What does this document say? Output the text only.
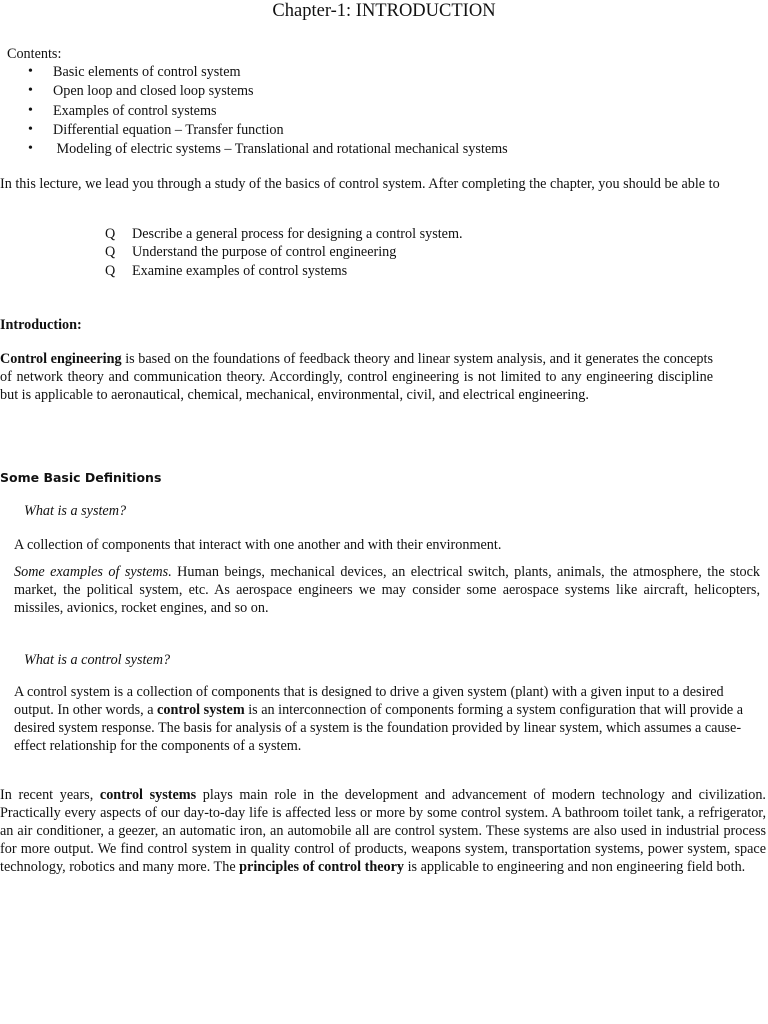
Chapter-1: INTRODUCTION
Contents:
• Basic elements of control system
• Open loop and closed loop systems
• Examples of control systems
• Differential equation – Transfer function
• Modeling of electric systems – Translational and rotational mechanical systems
In this lecture, we lead you through a study of the basics of control system. After completing the chapter, you should be able to
Q Describe a general process for designing a control system.
Q Understand the purpose of control engineering
Q Examine examples of control systems
Introduction:
Control engineering is based on the foundations of feedback theory and linear system analysis, and it generates the concepts of network theory and communication theory. Accordingly, control engineering is not limited to any engineering discipline but is applicable to aeronautical, chemical, mechanical, environmental, civil, and electrical engineering.
Some Basic Definitions
What is a system?
A collection of components that interact with one another and with their environment.
Some examples of systems. Human beings, mechanical devices, an electrical switch, plants, animals, the atmosphere, the stock market, the political system, etc. As aerospace engineers we may consider some aerospace systems like aircraft, helicopters, missiles, avionics, rocket engines, and so on.
What is a control system?
A control system is a collection of components that is designed to drive a given system (plant) with a given input to a desired output. In other words, a control system is an interconnection of components forming a system configuration that will provide a desired system response. The basis for analysis of a system is the foundation provided by linear system, which assumes a cause- effect relationship for the components of a system.
In recent years, control systems plays main role in the development and advancement of modern technology and civilization. Practically every aspects of our day-to-day life is affected less or more by some control system. A bathroom toilet tank, a refrigerator, an air conditioner, a geezer, an automatic iron, an automobile all are control system. These systems are also used in industrial process for more output. We find control system in quality control of products, weapons system, transportation systems, power system, space technology, robotics and many more. The principles of control theory is applicable to engineering and non engineering field both.
